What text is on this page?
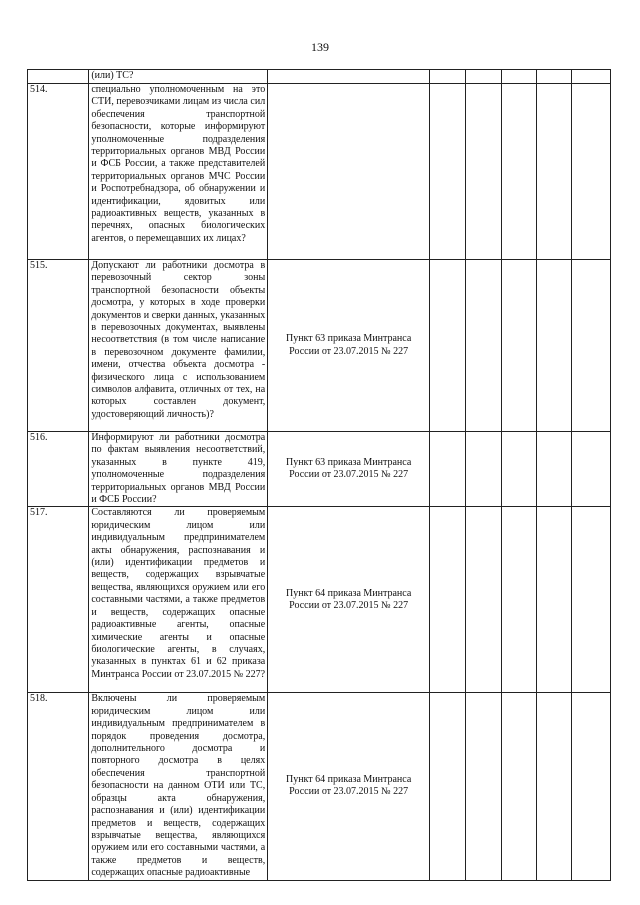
139
	(или) ТС?						
514.	специально уполномоченным на это СТИ, перевозчиками лицам из числа сил обеспечения транспортной безопасности, которые информируют уполномоченные подразделения территориальных органов МВД России и ФСБ России, а также представителей территориальных органов МЧС России и Роспотребнадзора, об обнаружении и идентификации, ядовитых или радиоактивных веществ, указанных в перечнях, опасных биологических агентов, о перемещавших их лицах?						
515.	Допускают ли работники досмотра в перевозочный сектор зоны транспортной безопасности объекты досмотра, у которых в ходе проверки документов и сверки данных, указанных в перевозочных документах, выявлены несоответствия (в том числе написание в перевозочном документе фамилии, имени, отчества объекта досмотра - физического лица с использованием символов алфавита, отличных от тех, на которых составлен документ, удостоверяющий личность)?	Пункт 63 приказа Минтранса России от 23.07.2015 № 227					
516.	Информируют ли работники досмотра по фактам выявления несоответствий, указанных в пункте 419, уполномоченные подразделения территориальных органов МВД России и ФСБ России?	Пункт 63 приказа Минтранса России от 23.07.2015 № 227					
517.	Составляются ли проверяемым юридическим лицом или индивидуальным предпринимателем акты обнаружения, распознавания и (или) идентификации предметов и веществ, содержащих взрывчатые вещества, являющихся оружием или его составными частями, а также предметов и веществ, содержащих опасные радиоактивные агенты, опасные химические агенты и опасные биологические агенты, в случаях, указанных в пунктах 61 и 62 приказа Минтранса России от 23.07.2015 № 227?	Пункт 64 приказа Минтранса России от 23.07.2015 № 227					
518.	Включены ли проверяемым юридическим лицом или индивидуальным предпринимателем в порядок проведения досмотра, дополнительного досмотра и повторного досмотра в целях обеспечения транспортной безопасности на данном ОТИ или ТС, образцы акта обнаружения, распознавания и (или) идентификации предметов и веществ, содержащих взрывчатые вещества, являющихся оружием или его составными частями, а также предметов и веществ, содержащих опасные радиоактивные	Пункт 64 приказа Минтранса России от 23.07.2015 № 227					
